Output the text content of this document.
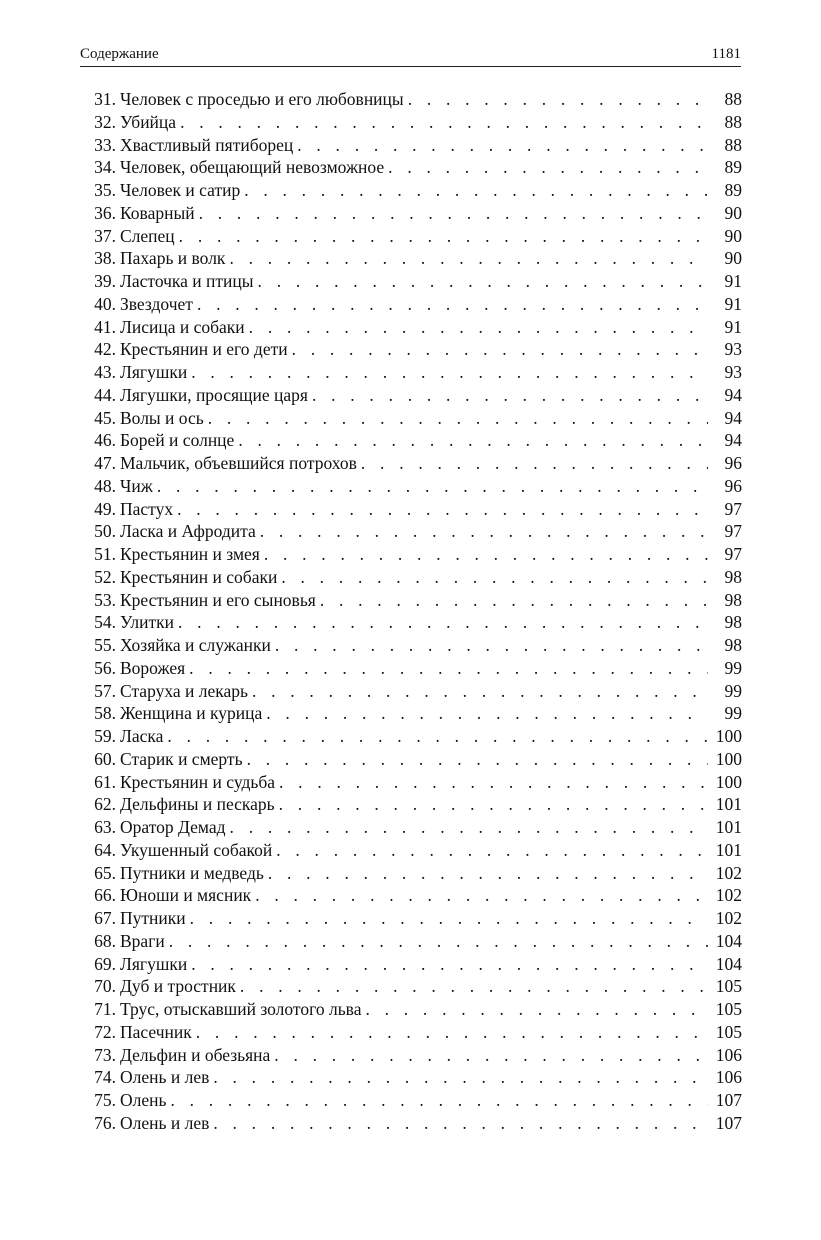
Содержание	1181
31. Человек с проседью и его любовницы . . .	88
32. Убийца . . .	88
33. Хвастливый пятиборец . . .	88
34. Человек, обещающий невозможное . . .	89
35. Человек и сатир . . .	89
36. Коварный . . .	90
37. Слепец . . .	90
38. Пахарь и волк . . .	90
39. Ласточка и птицы . . .	91
40. Звездочет . . .	91
41. Лисица и собаки . . .	91
42. Крестьянин и его дети . . .	93
43. Лягушки . . .	93
44. Лягушки, просящие царя . . .	94
45. Волы и ось . . .	94
46. Борей и солнце . . .	94
47. Мальчик, объевшийся потрохов . . .	96
48. Чиж . . .	96
49. Пастух . . .	97
50. Ласка и Афродита . . .	97
51. Крестьянин и змея . . .	97
52. Крестьянин и собаки . . .	98
53. Крестьянин и его сыновья . . .	98
54. Улитки . . .	98
55. Хозяйка и служанки . . .	98
56. Ворожея . . .	99
57. Старуха и лекарь . . .	99
58. Женщина и курица . . .	99
59. Ласка . . .	100
60. Старик и смерть . . .	100
61. Крестьянин и судьба . . .	100
62. Дельфины и пескарь . . .	101
63. Оратор Демад . . .	101
64. Укушенный собакой . . .	101
65. Путники и медведь . . .	102
66. Юноши и мясник . . .	102
67. Путники . . .	102
68. Враги . . .	104
69. Лягушки . . .	104
70. Дуб и тростник . . .	105
71. Трус, отыскавший золотого льва . . .	105
72. Пасечник . . .	105
73. Дельфин и обезьяна . . .	106
74. Олень и лев . . .	106
75. Олень . . .	107
76. Олень и лев . . .	107
